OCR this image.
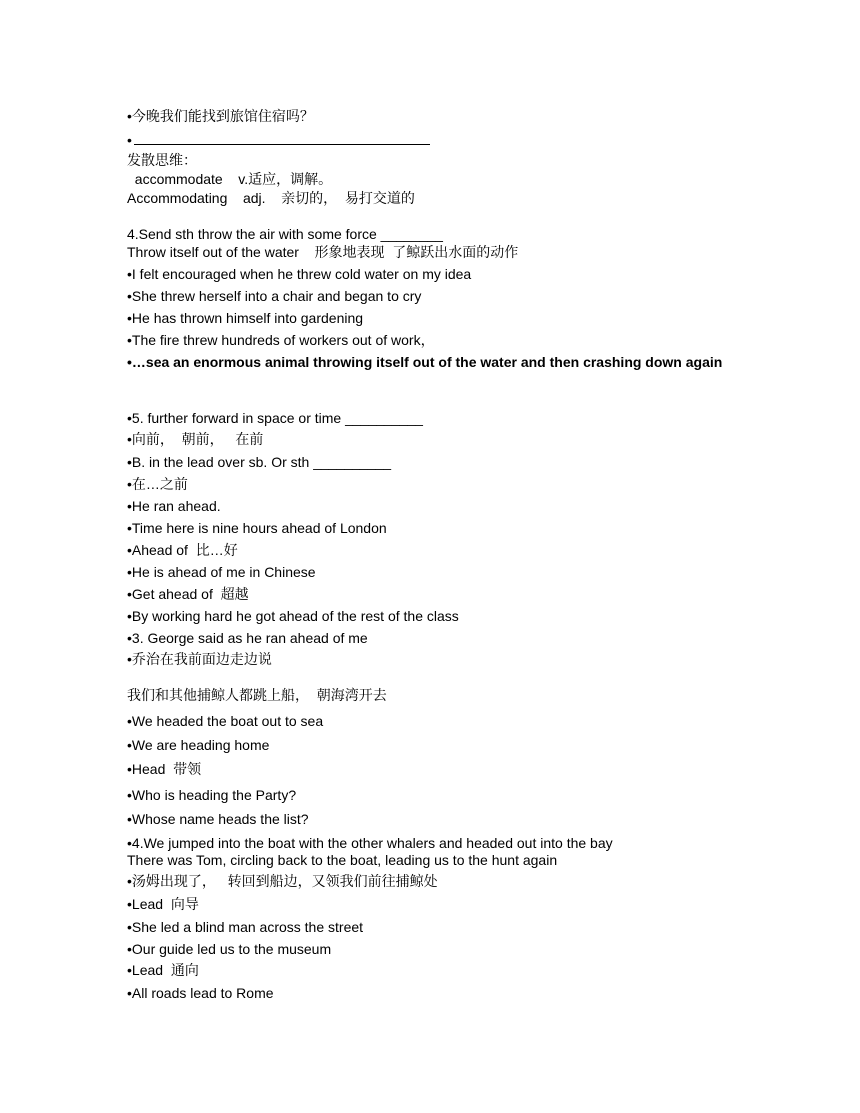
•今晚我们能找到旅馆住宿吗？
•
发散思维：
accommodate    v.适应，调解。
Accommodating    adj.    亲切的，  易打交道的
4.Send sth throw the air with some force ________
Throw itself out of the water    形象地表现  了鲸跃出水面的动作
•I felt encouraged when he threw cold water on my idea
•She threw herself into a chair and began to cry
•He has thrown himself into gardening
•The fire threw hundreds of workers out of work，
•…sea an enormous animal throwing itself out of the water and then crashing down again
•5. further forward in space or time __________
•向前，  朝前，   在前
•B. in the lead over sb. Or sth __________
•在…之前
•He ran ahead.
•Time here is nine hours ahead of London
•Ahead of  比…好
•He is ahead of me in Chinese
•Get ahead of  超越
•By working hard he got ahead of the rest of the class
•3. George said as he ran ahead of me
•乔治在我前面边走边说
我们和其他捕鲸人都跳上船，  朝海湾开去
•We headed the boat out to sea
•We are heading home
•Head  带领
•Who is heading the Party?
•Whose name heads the list?
•4.We jumped into the boat with the other whalers and headed out into the bay
There was Tom, circling back to the boat, leading us to the hunt again
•汤姆出现了，   转回到船边，又领我们前往捕鲸处
•Lead  向导
•She led a blind man across the street
•Our guide led us to the museum
•Lead  通向
•All roads lead to Rome
